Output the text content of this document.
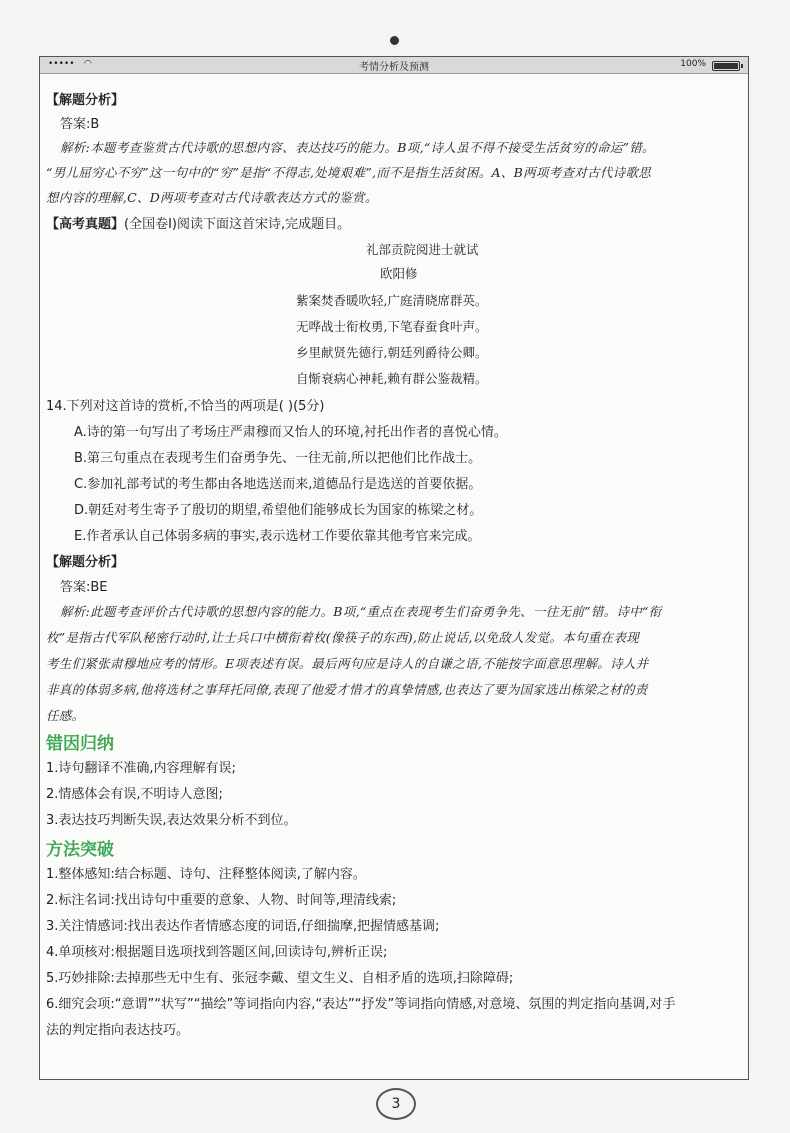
••••• ◠	考情分析及预测	100%
【解题分析】
答案:B
解析:本题考查鉴赏古代诗歌的思想内容、表达技巧的能力。B项,“诗人虽不得不接受生活贫穷的命运”错。
“男儿屈穷心不穷”这一句中的“穷”是指“不得志,处境艰难”,而不是指生活贫困。A、B两项考查对古代诗歌思
想内容的理解,C、D两项考查对古代诗歌表达方式的鉴赏。
【高考真题】(全国卷Ⅰ)阅读下面这首宋诗,完成题目。
礼部贡院阅进士就试
欧阳修
紫案焚香暖吹轻,广庭清晓席群英。
无哗战士衔枚勇,下笔春蚕食叶声。
乡里献贤先德行,朝廷列爵待公卿。
自惭衰病心神耗,赖有群公鉴裁精。
14.下列对这首诗的赏析,不恰当的两项是( )(5分)
A.诗的第一句写出了考场庄严肃穆而又怡人的环境,衬托出作者的喜悦心情。
B.第三句重点在表现考生们奋勇争先、一往无前,所以把他们比作战士。
C.参加礼部考试的考生都由各地选送而来,道德品行是选送的首要依据。
D.朝廷对考生寄予了殷切的期望,希望他们能够成长为国家的栋梁之材。
E.作者承认自己体弱多病的事实,表示选材工作要依靠其他考官来完成。
【解题分析】
答案:BE
解析:此题考查评价古代诗歌的思想内容的能力。B项,“重点在表现考生们奋勇争先、一往无前”错。诗中“衔
枚”是指古代军队秘密行动时,让士兵口中横衔着枚(像筷子的东西),防止说话,以免敌人发觉。本句重在表现
考生们紧张肃穆地应考的情形。E项表述有误。最后两句应是诗人的自谦之语,不能按字面意思理解。诗人并
非真的体弱多病,他将选材之事拜托同僚,表现了他爱才惜才的真挚情感,也表达了要为国家选出栋梁之材的责
任感。
错因归纳
1.诗句翻译不准确,内容理解有误;
2.情感体会有误,不明诗人意图;
3.表达技巧判断失误,表达效果分析不到位。
方法突破
1.整体感知:结合标题、诗句、注释整体阅读,了解内容。
2.标注名词:找出诗句中重要的意象、人物、时间等,理清线索;
3.关注情感词:找出表达作者情感态度的词语,仔细揣摩,把握情感基调;
4.单项核对:根据题目选项找到答题区间,回读诗句,辨析正误;
5.巧妙排除:去掉那些无中生有、张冠李戴、望文生义、自相矛盾的选项,扫除障碍;
6.细究会项:“意谓”“状写”“描绘”等词指向内容,“表达”“抒发”等词指向情感,对意境、氛围的判定指向基调,对手
法的判定指向表达技巧。
3
